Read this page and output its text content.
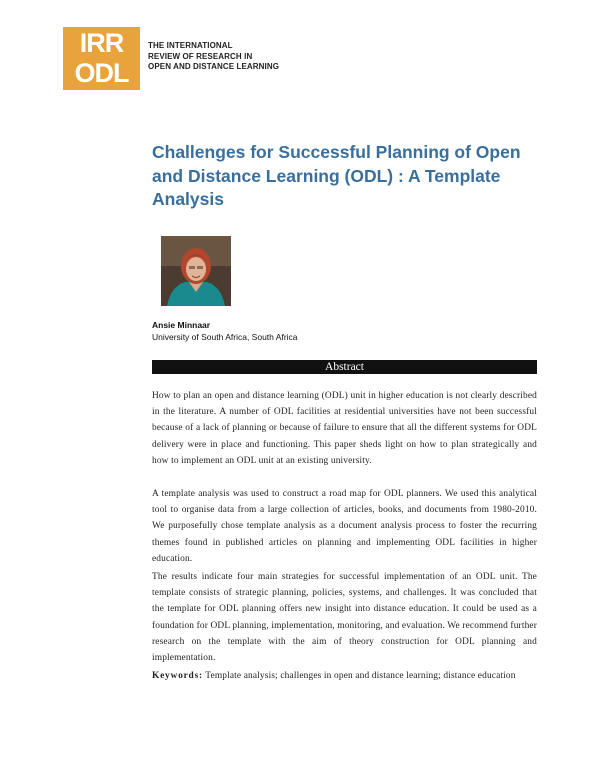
IRR
ODL
THE INTERNATIONAL
REVIEW OF RESEARCH IN
OPEN AND DISTANCE LEARNING
Challenges for Successful Planning of Open
and Distance Learning (ODL) : A Template
Analysis
Ansie Minnaar
University of South Africa, South Africa
Abstract
How to plan an open and distance learning (ODL) unit in higher education is not clearly described in the literature. A number of ODL facilities at residential universities have not been successful because of a lack of planning or because of failure to ensure that all the different systems for ODL delivery were in place and functioning. This paper sheds light on how to plan strategically and how to implement an ODL unit at an existing university.
A template analysis was used to construct a road map for ODL planners. We used this analytical tool to organise data from a large collection of articles, books, and documents from 1980-2010. We purposefully chose template analysis as a document analysis process to foster the recurring themes found in published articles on planning and implementing ODL facilities in higher education.
The results indicate four main strategies for successful implementation of an ODL unit. The template consists of strategic planning, policies, systems, and challenges. It was concluded that the template for ODL planning offers new insight into distance education. It could be used as a foundation for ODL planning, implementation, monitoring, and evaluation. We recommend further research on the template with the aim of theory construction for ODL planning and implementation.
Keywords: Template analysis; challenges in open and distance learning; distance education
